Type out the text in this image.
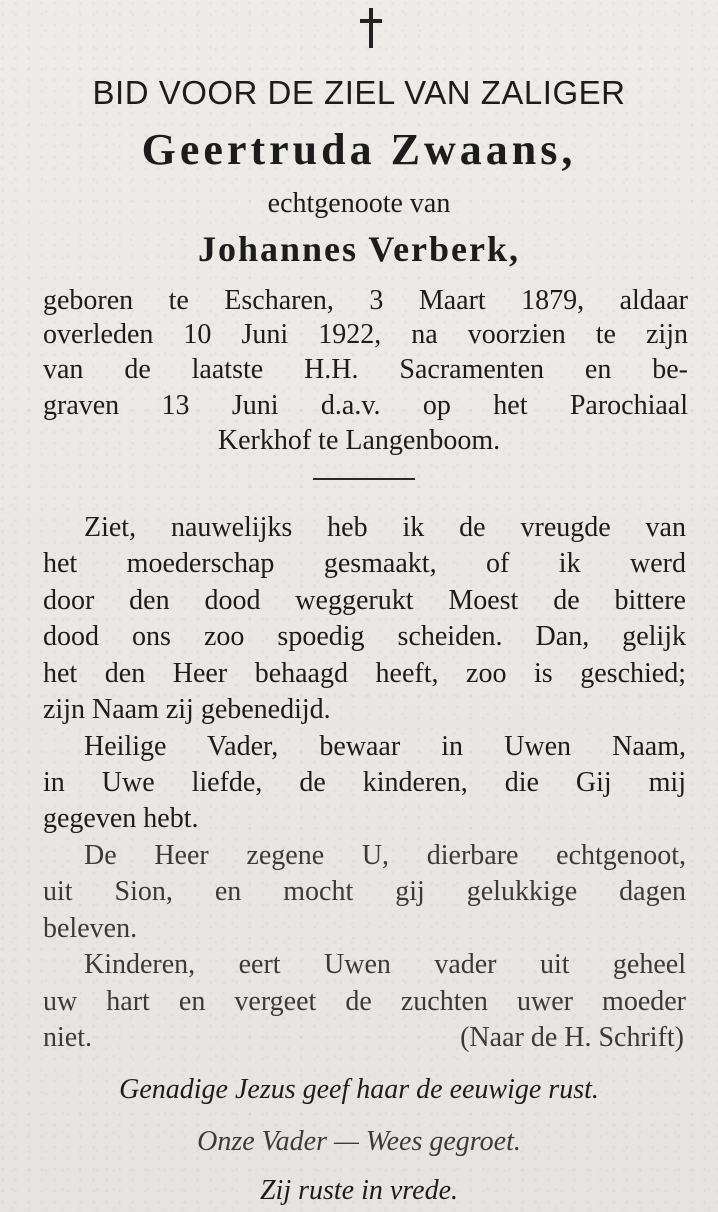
BID VOOR DE ZIEL VAN ZALIGER
Geertruda Zwaans,
echtgenoote van
Johannes Verberk,
geboren te Escharen, 3 Maart 1879, aldaar
overleden 10 Juni 1922, na voorzien te zijn
van de laatste H.H. Sacramenten en be-
graven 13 Juni d.a.v. op het Parochiaal
Kerkhof te Langenboom.
Ziet, nauwelijks heb ik de vreugde van
het moederschap gesmaakt, of ik werd
door den dood weggerukt Moest de bittere
dood ons zoo spoedig scheiden. Dan, gelijk
het den Heer behaagd heeft, zoo is geschied;
zijn Naam zij gebenedijd.
Heilige Vader, bewaar in Uwen Naam,
in Uwe liefde, de kinderen, die Gij mij
gegeven hebt.
De Heer zegene U, dierbare echtgenoot,
uit Sion, en mocht gij gelukkige dagen
beleven.
Kinderen, eert Uwen vader uit geheel
uw hart en vergeet de zuchten uwer moeder
niet.	(Naar de H. Schrift)
Genadige Jezus geef haar de eeuwige rust.
Onze Vader — Wees gegroet.
Zij ruste in vrede.
